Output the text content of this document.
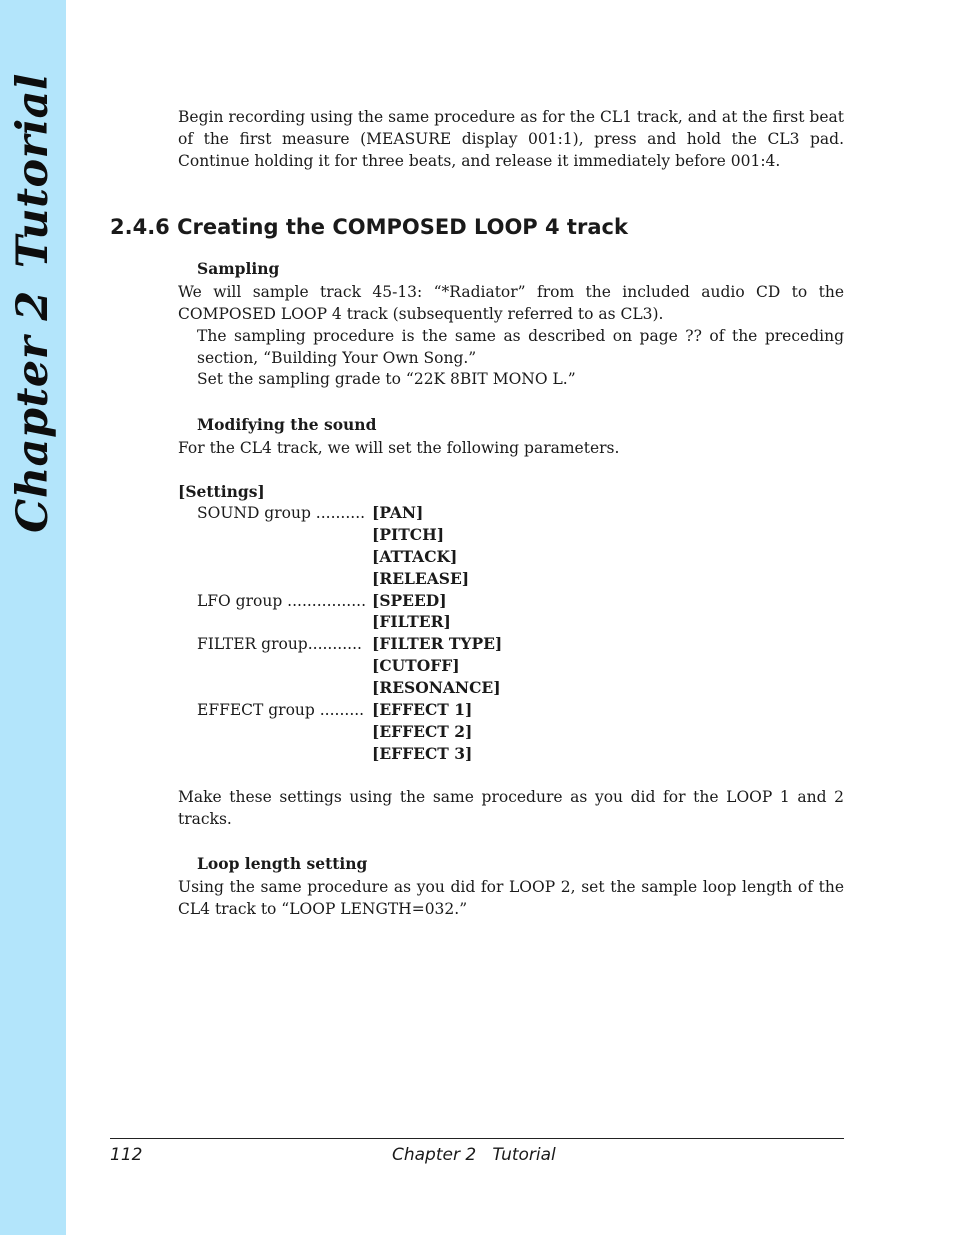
Chapter 2Tutorial	Begin recording using the same procedure as for the CL1 track, and at the first beat of the first measure (MEASURE display 001:1), press and hold the CL3 pad. Continue holding it for three beats, and release it immediately before 001:4.

2.4.6 Creating the COMPOSED LOOP 4 track

Sampling

We will sample track 45-13: “*Radiator” from the included audio CD to the COMPOSED LOOP 4 track (subsequently referred to as CL3).

The sampling procedure is the same as described on page ?? of the preceding section, “Building Your Own Song.”

Set the sampling grade to “22K 8BIT MONO L.”

Modifying the sound

For the CL4 track, we will set the following parameters.

[Settings]

SOUND group .......... [PAN]
[PITCH]
[ATTACK]
[RELEASE]
LFO group ................ [SPEED]
[FILTER]
FILTER group........... [FILTER TYPE]
[CUTOFF]
[RESONANCE]
EFFECT group ......... [EFFECT 1]
[EFFECT 2]
[EFFECT 3]

Make these settings using the same procedure as you did for the LOOP 1 and 2 tracks.

Loop length setting

Using the same procedure as you did for LOOP 2, set the sample loop length of the CL4 track to “LOOP LENGTH=032.”

112	Chapter 2 Tutorial
